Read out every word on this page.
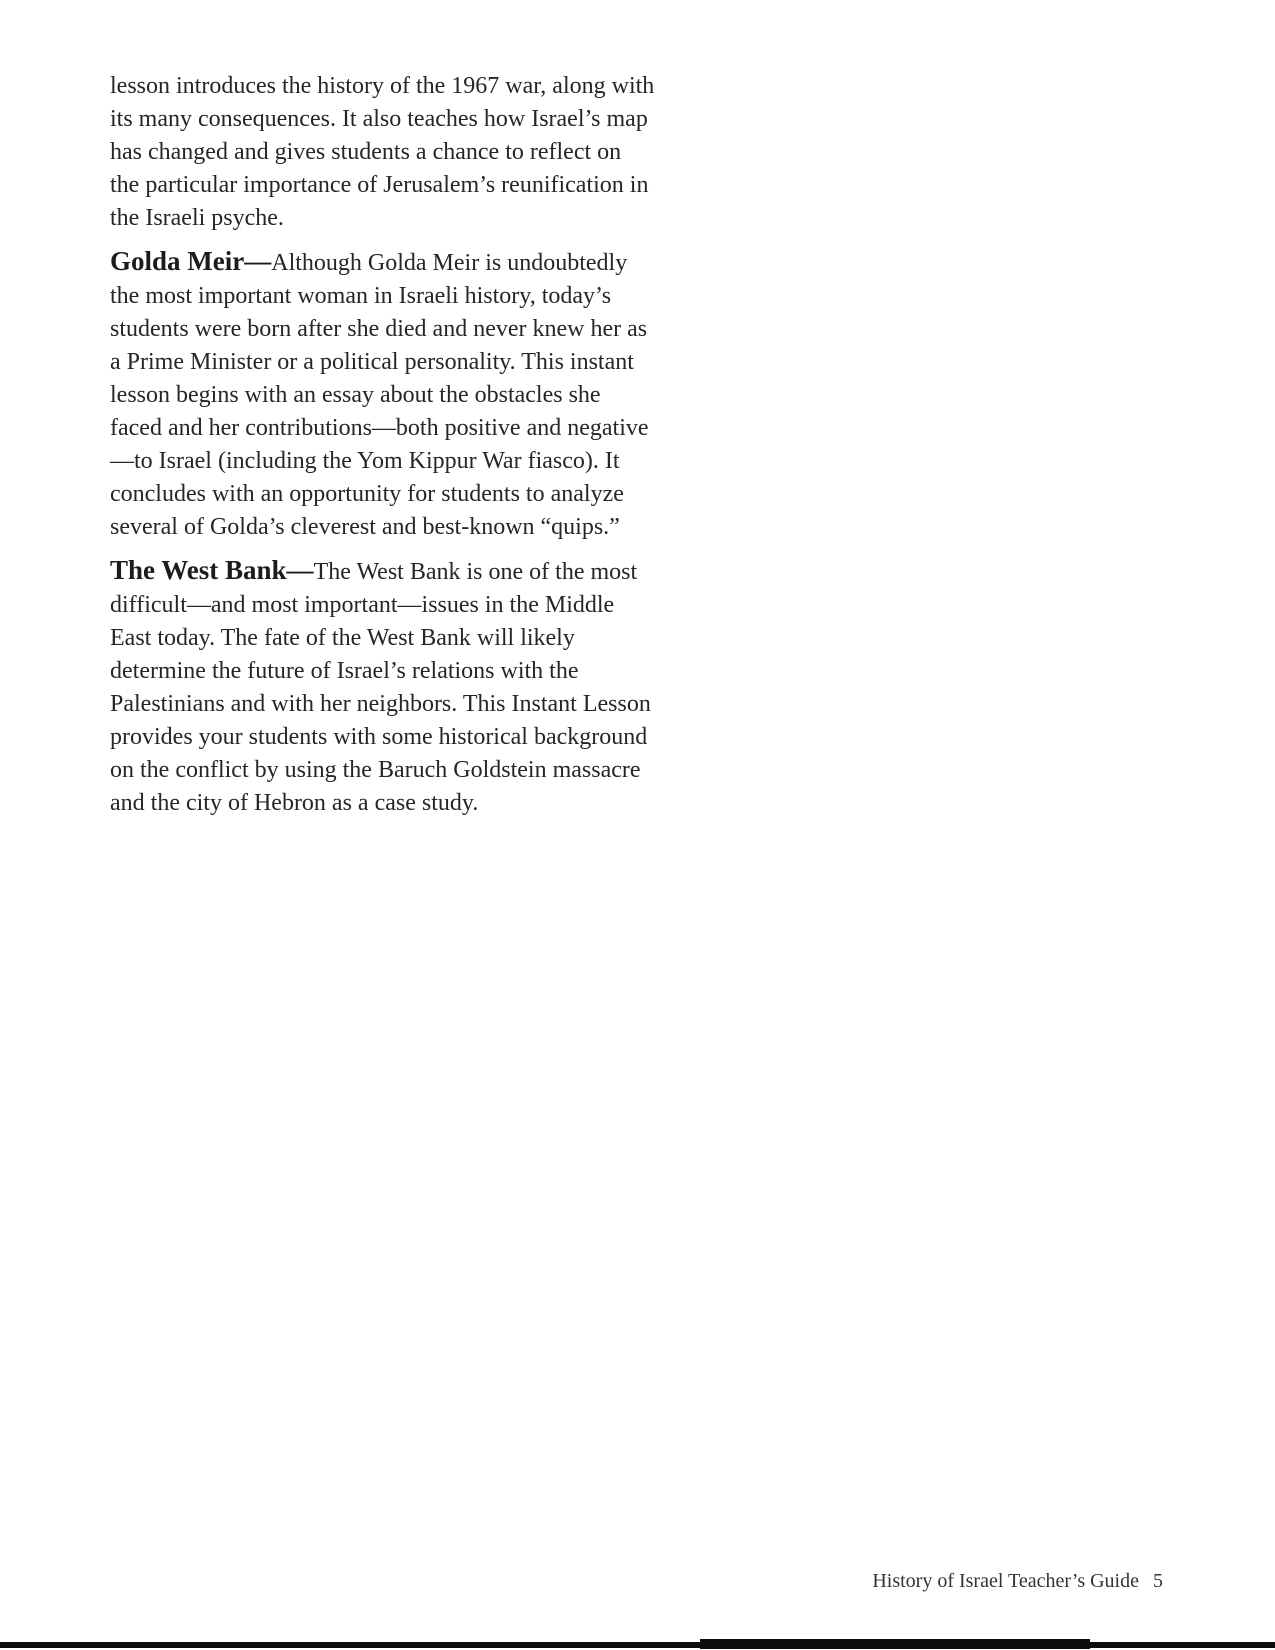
lesson introduces the history of the 1967 war, along with its many consequences. It also teaches how Israel’s map has changed and gives students a chance to reflect on the particular importance of Jerusalem’s reunification in the Israeli psyche.

Golda Meir—Although Golda Meir is undoubtedly the most important woman in Israeli history, today’s students were born after she died and never knew her as a Prime Minister or a political personality. This instant lesson begins with an essay about the obstacles she faced and her contributions—both positive and negative—to Israel (including the Yom Kippur War fiasco). It concludes with an opportunity for students to analyze several of Golda’s cleverest and best-known “quips.”

The West Bank—The West Bank is one of the most difficult—and most important—issues in the Middle East today. The fate of the West Bank will likely determine the future of Israel’s relations with the Palestinians and with her neighbors. This Instant Lesson provides your students with some historical background on the conflict by using the Baruch Goldstein massacre and the city of Hebron as a case study.

History of Israel Teacher’s Guide 5
